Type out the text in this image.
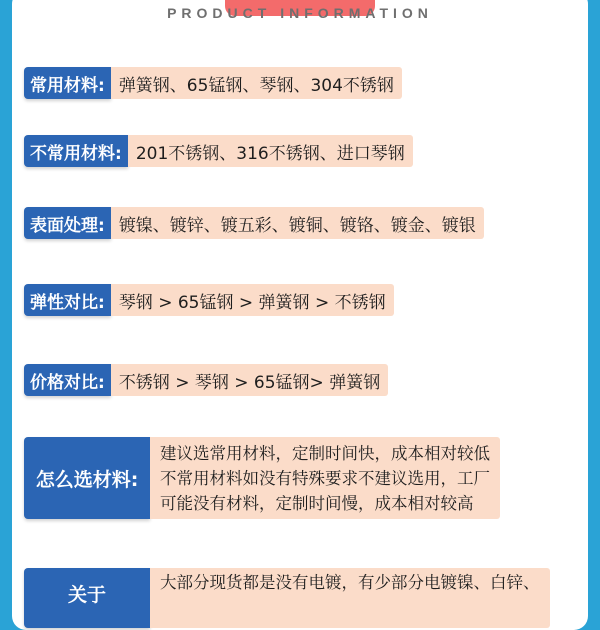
PRODUCT INFORMATION
常用材料: 弹簧钢、65锰钢、琴钢、304不锈钢
不常用材料: 201不锈钢、316不锈钢、进口琴钢
表面处理: 镀镍、镀锌、镀五彩、镀铜、镀铬、镀金、镀银
弹性对比: 琴钢 > 65锰钢 > 弹簧钢 > 不锈钢
价格对比: 不锈钢 > 琴钢 > 65锰钢> 弹簧钢
怎么选材料:
建议选常用材料，定制时间快，成本相对较低
不常用材料如没有特殊要求不建议选用，工厂
可能没有材料，定制时间慢，成本相对较高
关于
大部分现货都是没有电镀，有少部分电镀镍、白锌、
